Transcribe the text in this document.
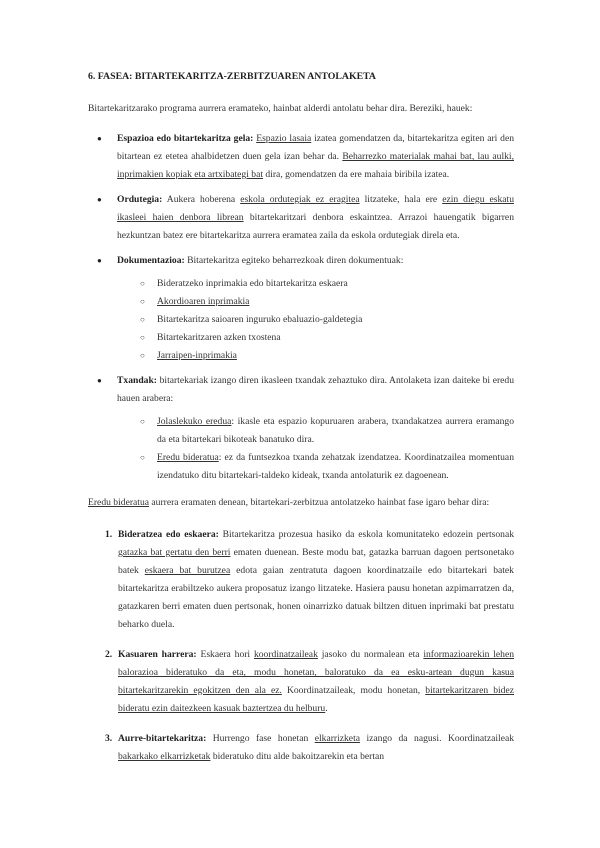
6. FASEA: BITARTEKARITZA-ZERBITZUAREN ANTOLAKETA

Bitartekaritzarako programa aurrera eramateko, hainbat alderdi antolatu behar dira. Bereziki, hauek:

● Espazioa edo bitartekaritza gela: Espazio lasaia izatea gomendatzen da, bitartekaritza egiten ari den bitartean ez etetea ahalbidetzen duen gela izan behar da. Beharrezko materialak mahai bat, lau aulki, inprimakien kopiak eta artxibategi bat dira, gomendatzen da ere mahaia biribila izatea.
● Ordutegia: Aukera hoberena eskola ordutegiak ez eragitea litzateke, hala ere ezin diegu eskatu ikasleei haien denbora librean bitartekaritzari denbora eskaintzea. Arrazoi hauengatik bigarren hezkuntzan batez ere bitartekaritza aurrera eramatea zaila da eskola ordutegiak direla eta.
● Dokumentazioa: Bitartekaritza egiteko beharrezkoak diren dokumentuak:
○ Bideratzeko inprimakia edo bitartekaritza eskaera
○ Akordioaren inprimakia
○ Bitartekaritza saioaren inguruko ebaluazio-galdetegia
○ Bitartekaritzaren azken txostena
○ Jarraipen-inprimakia
● Txandak: bitartekariak izango diren ikasleen txandak zehaztuko dira. Antolaketa izan daiteke bi eredu hauen arabera:
○ Jolaslekuko eredua: ikasle eta espazio kopuruaren arabera, txandakatzea aurrera eramango da eta bitartekari bikoteak banatuko dira.
○ Eredu bideratua: ez da funtsezkoa txanda zehatzak izendatzea. Koordinatzailea momentuan izendatuko ditu bitartekari-taldeko kideak, txanda antolaturik ez dagoenean.

Eredu bideratua aurrera eramaten denean, bitartekari-zerbitzua antolatzeko hainbat fase igaro behar dira:

1. Bideratzea edo eskaera: Bitartekaritza prozesua hasiko da eskola komunitateko edozein pertsonak gatazka bat gertatu den berri ematen duenean. Beste modu bat, gatazka barruan dagoen pertsonetako batek eskaera bat burutzea edota gaian zentratuta dagoen koordinatzaile edo bitartekari batek bitartekaritza erabiltzeko aukera proposatuz izango litzateke. Hasiera pausu honetan azpimarratzen da, gatazkaren berri ematen duen pertsonak, honen oinarrizko datuak biltzen dituen inprimaki bat prestatu beharko duela.
2. Kasuaren harrera: Eskaera hori koordinatzaileak jasoko du normalean eta informazioarekin lehen balorazioa bideratuko da eta, modu honetan, baloratuko da ea esku-artean dugun kasua bitartekaritzarekin egokitzen den ala ez. Koordinatzaileak, modu honetan, bitartekaritzaren bidez bideratu ezin daitezkeen kasuak baztertzea du helburu.
3. Aurre-bitartekaritza: Hurrengo fase honetan elkarrizketa izango da nagusi. Koordinatzaileak bakarkako elkarrizketak bideratuko ditu alde bakoitzarekin eta bertan
